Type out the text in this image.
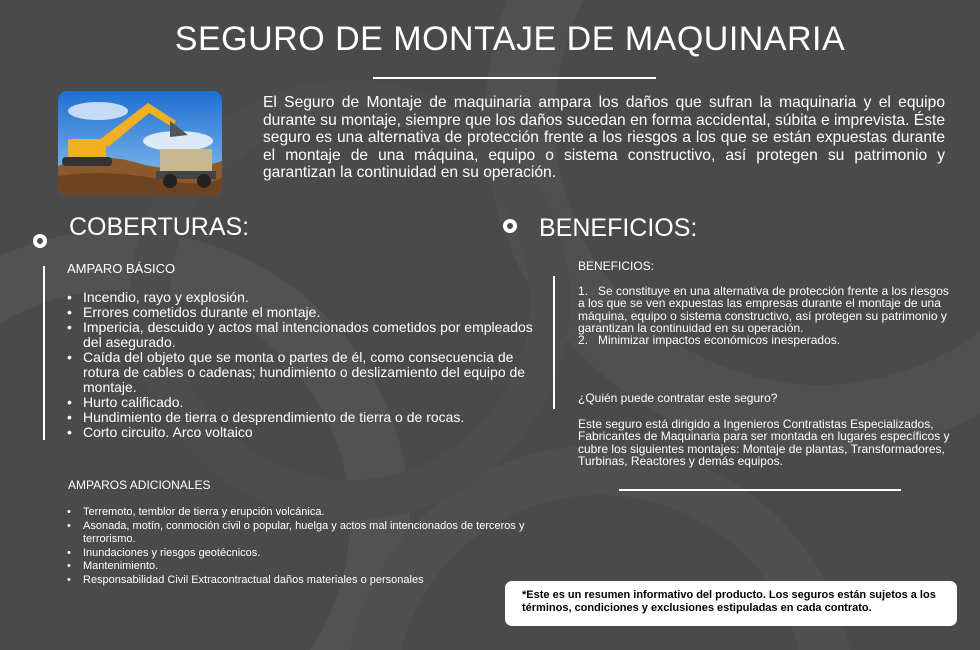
SEGURO DE MONTAJE DE MAQUINARIA
El Seguro de Montaje de maquinaria ampara los daños que sufran la maquinaria y el equipo durante su montaje, siempre que los daños sucedan en forma accidental, súbita e imprevista. Éste seguro es una alternativa de protección frente a los riesgos a los que se están expuestas durante el montaje de una máquina, equipo o sistema constructivo, así protegen su patrimonio y garantizan la continuidad en su operación.
COBERTURAS:
AMPARO BÁSICO
• Incendio, rayo y explosión.
• Errores cometidos durante el montaje.
• Impericia, descuido y actos mal intencionados cometidos por empleados del asegurado.
• Caída del objeto que se monta o partes de él, como consecuencia de rotura de cables o cadenas; hundimiento o deslizamiento del equipo de montaje.
• Hurto calificado.
• Hundimiento de tierra o desprendimiento de tierra o de rocas.
• Corto circuito. Arco voltaico
AMPAROS ADICIONALES
• Terremoto, temblor de tierra y erupción volcánica.
• Asonada, motín, conmoción civil o popular, huelga y actos mal intencionados de terceros y terrorismo.
• Inundaciones y riesgos geotécnicos.
• Mantenimiento.
• Responsabilidad Civil Extracontractual daños materiales o personales
BENEFICIOS:
BENEFICIOS:
1. Se constituye en una alternativa de protección frente a los riesgos a los que se ven expuestas las empresas durante el montaje de una máquina, equipo o sistema constructivo, así protegen su patrimonio y garantizan la continuidad en su operación.
2. Minimizar impactos económicos inesperados.
¿Quién puede contratar este seguro?
Este seguro está dirigido a Ingenieros Contratistas Especializados, Fabricantes de Maquinaria para ser montada en lugares específicos y cubre los siguientes montajes: Montaje de plantas, Transformadores, Turbinas, Reactores y demás equipos.
*Este es un resumen informativo del producto. Los seguros están sujetos a los términos, condiciones y exclusiones estipuladas en cada contrato.
